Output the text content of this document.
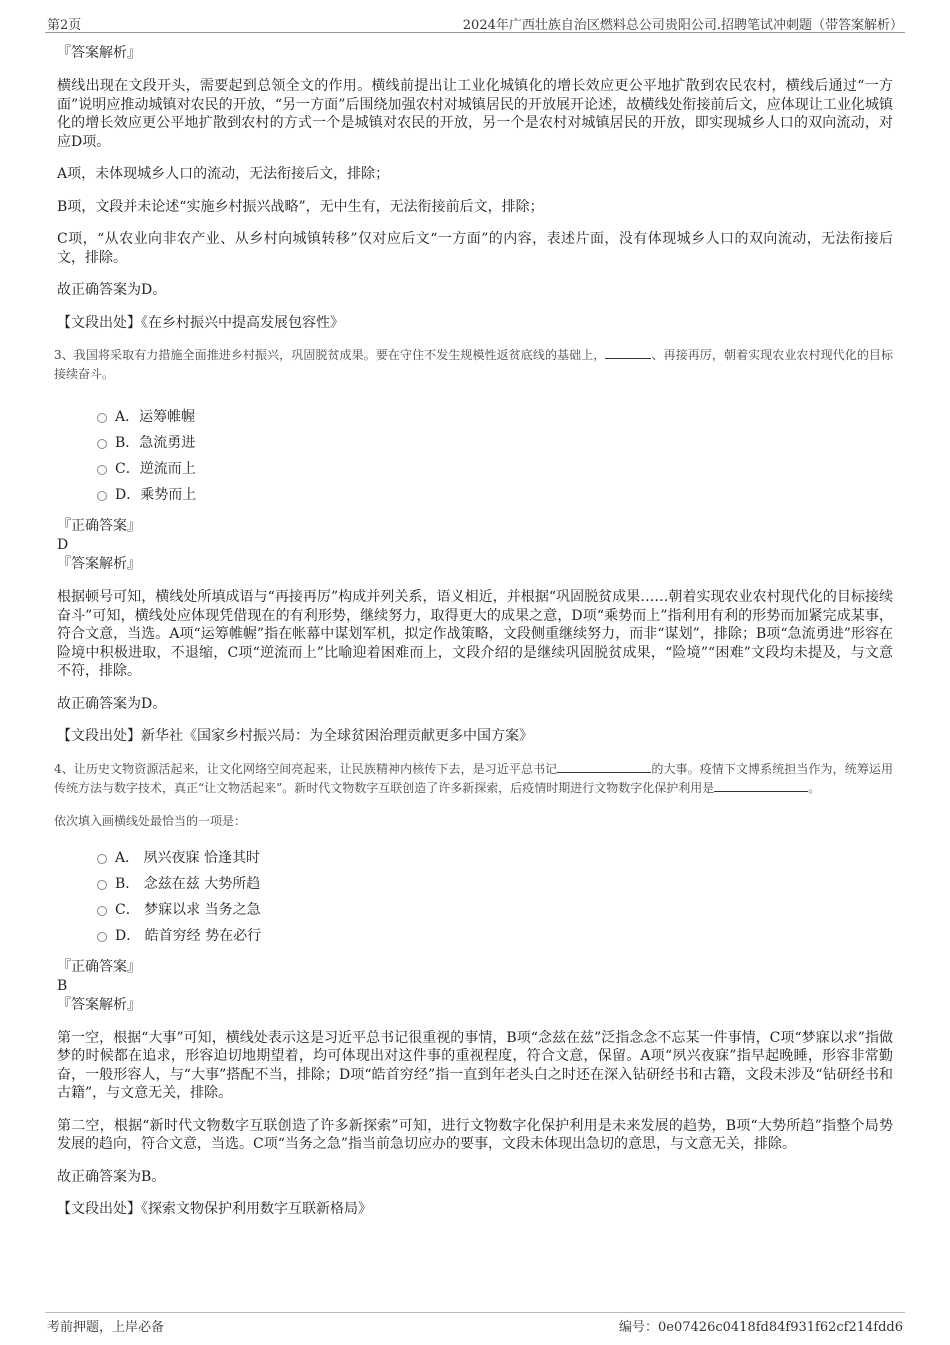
第2页	2024年广西壮族自治区燃料总公司贵阳公司.招聘笔试冲刺题（带答案解析）
『答案解析』

横线出现在文段开头，需要起到总领全文的作用。横线前提出让工业化城镇化的增长效应更公平地扩散到农民农村，横线后通过“一方面”说明应推动城镇对农民的开放，“另一方面”后围绕加强农村对城镇居民的开放展开论述，故横线处衔接前后文，应体现让工业化城镇化的增长效应更公平地扩散到农村的方式一个是城镇对农民的开放，另一个是农村对城镇居民的开放，即实现城乡人口的双向流动，对应D项。

A项，未体现城乡人口的流动，无法衔接后文，排除；

B项，文段并未论述“实施乡村振兴战略”，无中生有，无法衔接前后文，排除；

C项，“从农业向非农产业、从乡村向城镇转移”仅对应后文“一方面”的内容，表述片面，没有体现城乡人口的双向流动，无法衔接后文，排除。

故正确答案为D。

【文段出处】《在乡村振兴中提高发展包容性》

3、我国将采取有力措施全面推进乡村振兴，巩固脱贫成果。要在守住不发生规模性返贫底线的基础上，	、再接再厉，朝着实现农业农村现代化的目标接续奋斗。
A．运筹帷幄
B．急流勇进
C．逆流而上
D．乘势而上
『正确答案』
D
『答案解析』

根据顿号可知，横线处所填成语与“再接再厉”构成并列关系，语义相近，并根据“巩固脱贫成果……朝着实现农业农村现代化的目标接续奋斗”可知，横线处应体现凭借现在的有利形势，继续努力，取得更大的成果之意，D项“乘势而上”指利用有利的形势而加紧完成某事，符合文意，当选。A项“运筹帷幄”指在帐幕中谋划军机，拟定作战策略，文段侧重继续努力，而非“谋划”，排除；B项“急流勇进”形容在险境中积极进取，不退缩，C项“逆流而上”比喻迎着困难而上，文段介绍的是继续巩固脱贫成果，“险境”“困难”文段均未提及，与文意不符，排除。

故正确答案为D。

【文段出处】新华社《国家乡村振兴局：为全球贫困治理贡献更多中国方案》

4、让历史文物资源活起来，让文化网络空间亮起来，让民族精神内核传下去，是习近平总书记	的大事。疫情下文博系统担当作为，统筹运用传统方法与数字技术，真正“让文物活起来”。新时代文物数字互联创造了许多新探索，后疫情时期进行文物数字化保护利用是	。
依次填入画横线处最恰当的一项是：
A． 夙兴夜寐 恰逢其时
B． 念兹在兹 大势所趋
C． 梦寐以求 当务之急
D． 皓首穷经 势在必行
『正确答案』
B
『答案解析』

第一空，根据“大事”可知，横线处表示这是习近平总书记很重视的事情，B项“念兹在兹”泛指念念不忘某一件事情，C项“梦寐以求”指做梦的时候都在追求，形容迫切地期望着，均可体现出对这件事的重视程度，符合文意，保留。A项“夙兴夜寐”指早起晚睡，形容非常勤奋，一般形容人，与“大事”搭配不当，排除；D项“皓首穷经”指一直到年老头白之时还在深入钻研经书和古籍，文段未涉及“钻研经书和古籍”，与文意无关，排除。

第二空，根据“新时代文物数字互联创造了许多新探索”可知，进行文物数字化保护利用是未来发展的趋势，B项“大势所趋”指整个局势发展的趋向，符合文意，当选。C项“当务之急”指当前急切应办的要事，文段未体现出急切的意思，与文意无关，排除。

故正确答案为B。

【文段出处】《探索文物保护利用数字互联新格局》

考前押题，上岸必备	编号：0e07426c0418fd84f931f62cf214fdd6
